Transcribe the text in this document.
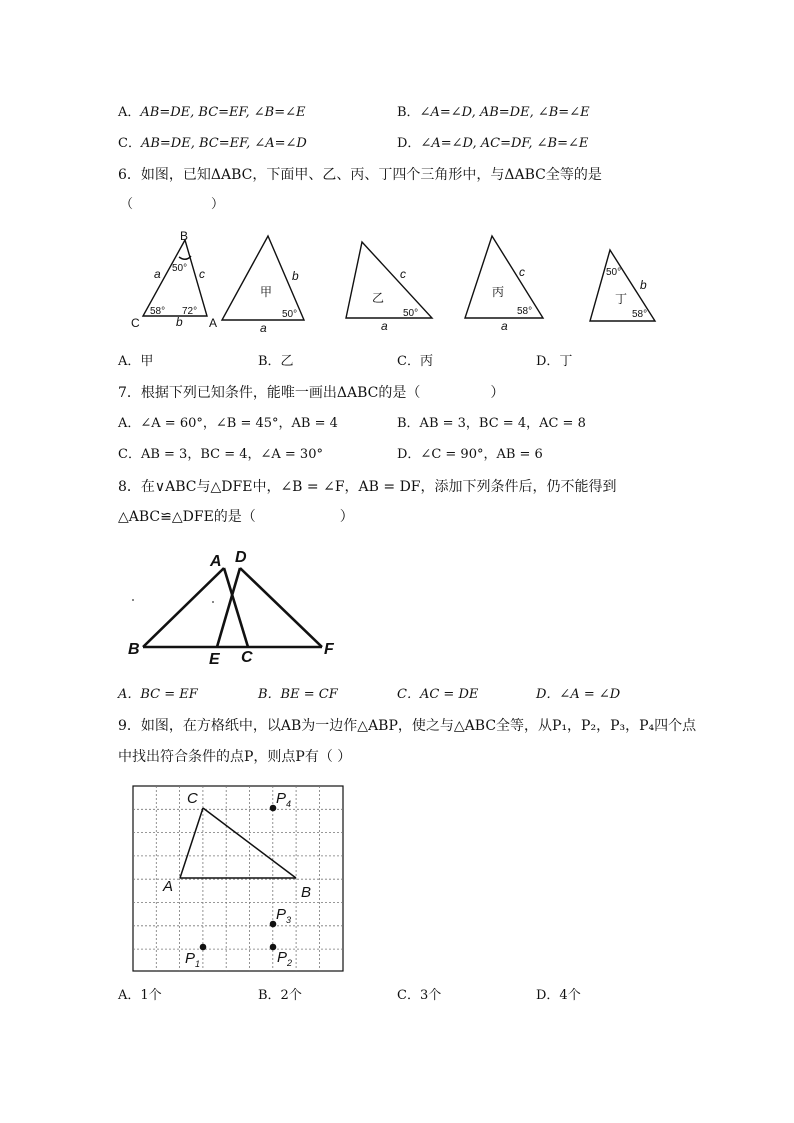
A．AB=DE, BC=EF, ∠B=∠E	B．∠A=∠D, AB=DE, ∠B=∠E
C．AB=DE, BC=EF, ∠A=∠D	D．∠A=∠D, AC=DF, ∠B=∠E
6．如图，已知ΔABC，下面甲、乙、丙、丁四个三角形中，与ΔABC全等的是
（　　　　　　）
B
A
C
a	c
b
50°
72°
58°
甲
b
a
50°
乙
c
a
50°
丙
c
a
58°
丁
b
50°
58°
A．甲	B．乙	C．丙	D．丁
7．根据下列已知条件，能唯一画出ΔABC的是（　　　　　）
A．∠A = 60°，∠B = 45°，AB = 4	B．AB = 3，BC = 4，AC = 8
C．AB = 3，BC = 4，∠A = 30°	D．∠C = 90°，AB = 6
8．在∨ABC与△DFE中，∠B = ∠F，AB = DF，添加下列条件后，仍不能得到
△ABC≌△DFE的是（　　　　　　）
A D
B
E C	F
A．BC = EF	B．BE = CF	C．AC = DE	D．∠A = ∠D
9．如图，在方格纸中，以AB为一边作△ABP，使之与△ABC全等，从P₁，P₂，P₃，P₄四个点
中找出符合条件的点P，则点P有（ ）
C
A	B
$P_4$
$P_3$
$P_2$
$P_1$
A．1个	B．2个	C．3个	D．4个
